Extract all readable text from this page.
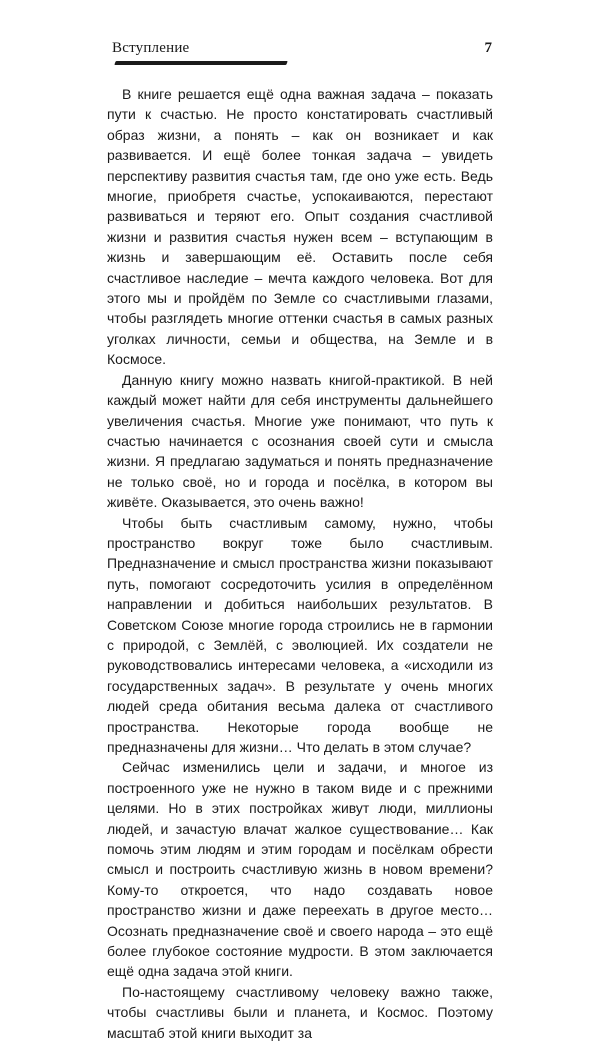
Вступление	7

В книге решается ещё одна важная задача – показать пути к счастью. Не просто констатировать счастливый образ жизни, а понять – как он возникает и как развивается. И ещё более тонкая задача – увидеть перспективу развития счастья там, где оно уже есть. Ведь многие, приобретя счастье, успокаиваются, перестают развиваться и теряют его. Опыт создания счастливой жизни и развития счастья нужен всем – вступающим в жизнь и завершающим её. Оставить после себя счастливое наследие – мечта каждого человека. Вот для этого мы и пройдём по Земле со счастливыми глазами, чтобы разглядеть многие оттенки счастья в самых разных уголках личности, семьи и общества, на Земле и в Космосе.

Данную книгу можно назвать книгой-практикой. В ней каждый может найти для себя инструменты дальнейшего увеличения счастья. Многие уже понимают, что путь к счастью начинается с осознания своей сути и смысла жизни. Я предлагаю задуматься и понять предназначение не только своё, но и города и посёлка, в котором вы живёте. Оказывается, это очень важно!

Чтобы быть счастливым самому, нужно, чтобы пространство вокруг тоже было счастливым. Предназначение и смысл пространства жизни показывают путь, помогают сосредоточить усилия в определённом направлении и добиться наибольших результатов. В Советском Союзе многие города строились не в гармонии с природой, с Землёй, с эволюцией. Их создатели не руководствовались интересами человека, а «исходили из государственных задач». В результате у очень многих людей среда обитания весьма далека от счастливого пространства. Некоторые города вообще не предназначены для жизни… Что делать в этом случае?

Сейчас изменились цели и задачи, и многое из построенного уже не нужно в таком виде и с прежними целями. Но в этих постройках живут люди, миллионы людей, и зачастую влачат жалкое существование… Как помочь этим людям и этим городам и посёлкам обрести смысл и построить счастливую жизнь в новом времени? Кому-то откроется, что надо создавать новое пространство жизни и даже переехать в другое место… Осознать предназначение своё и своего народа – это ещё более глубокое состояние мудрости. В этом заключается ещё одна задача этой книги.

По-настоящему счастливому человеку важно также, чтобы счастливы были и планета, и Космос. Поэтому масштаб этой книги выходит за
